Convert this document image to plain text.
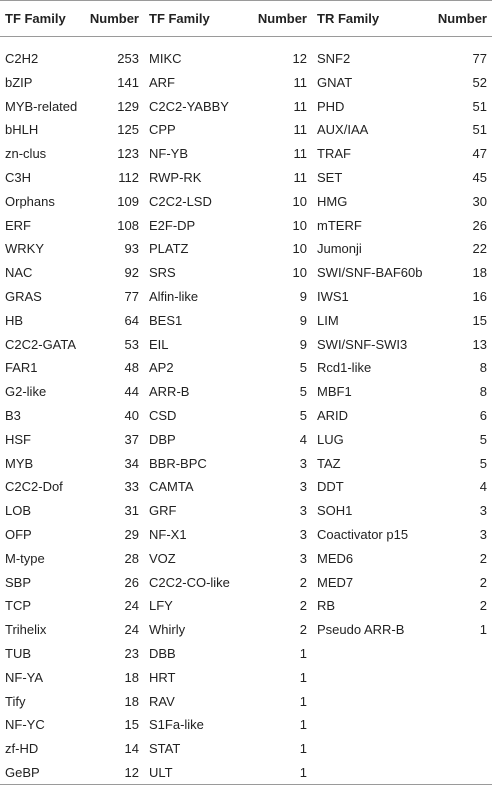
TF Family	Number	TF Family	Number	TR Family	Number
C2H2	253	MIKC	12	SNF2	77
bZIP	141	ARF	11	GNAT	52
MYB-related	129	C2C2-YABBY	11	PHD	51
bHLH	125	CPP	11	AUX/IAA	51
zn-clus	123	NF-YB	11	TRAF	47
C3H	112	RWP-RK	11	SET	45
Orphans	109	C2C2-LSD	10	HMG	30
ERF	108	E2F-DP	10	mTERF	26
WRKY	93	PLATZ	10	Jumonji	22
NAC	92	SRS	10	SWI/SNF-BAF60b	18
GRAS	77	Alfin-like	9	IWS1	16
HB	64	BES1	9	LIM	15
C2C2-GATA	53	EIL	9	SWI/SNF-SWI3	13
FAR1	48	AP2	5	Rcd1-like	8
G2-like	44	ARR-B	5	MBF1	8
B3	40	CSD	5	ARID	6
HSF	37	DBP	4	LUG	5
MYB	34	BBR-BPC	3	TAZ	5
C2C2-Dof	33	CAMTA	3	DDT	4
LOB	31	GRF	3	SOH1	3
OFP	29	NF-X1	3	Coactivator p15	3
M-type	28	VOZ	3	MED6	2
SBP	26	C2C2-CO-like	2	MED7	2
TCP	24	LFY	2	RB	2
Trihelix	24	Whirly	2	Pseudo ARR-B	1
TUB	23	DBB	1		
NF-YA	18	HRT	1		
Tify	18	RAV	1		
NF-YC	15	S1Fa-like	1		
zf-HD	14	STAT	1		
GeBP	12	ULT	1		
